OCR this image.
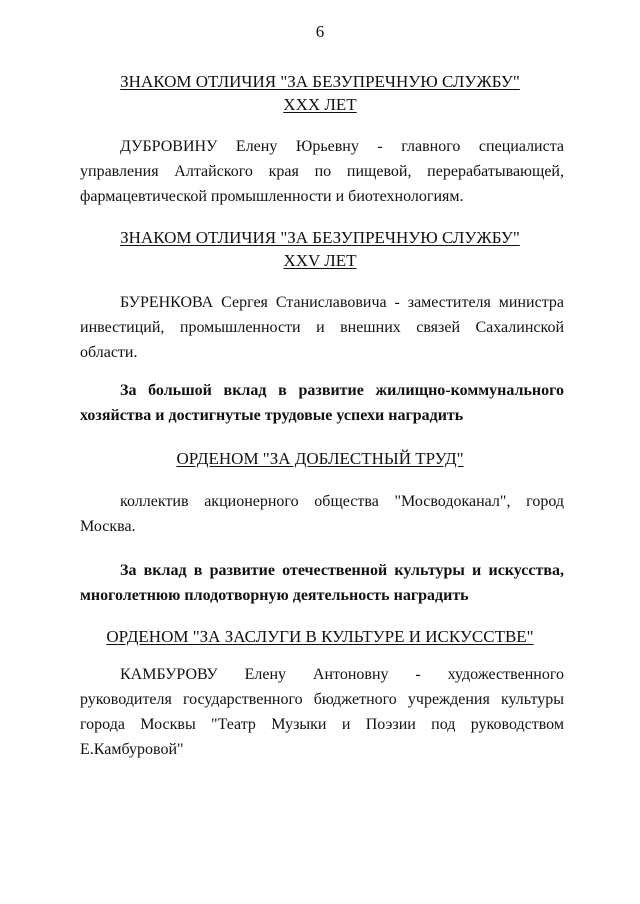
6
ЗНАКОМ ОТЛИЧИЯ "ЗА БЕЗУПРЕЧНУЮ СЛУЖБУ"
XXX ЛЕТ
ДУБРОВИНУ Елену Юрьевну - главного специалиста управления Алтайского края по пищевой, перерабатывающей, фармацевтической промышленности и биотехнологиям.
ЗНАКОМ ОТЛИЧИЯ "ЗА БЕЗУПРЕЧНУЮ СЛУЖБУ"
XXV ЛЕТ
БУРЕНКОВА Сергея Станиславовича - заместителя министра инвестиций, промышленности и внешних связей Сахалинской области.
За большой вклад в развитие жилищно-коммунального хозяйства и достигнутые трудовые успехи наградить
ОРДЕНОМ "ЗА ДОБЛЕСТНЫЙ ТРУД"
коллектив акционерного общества "Мосводоканал", город Москва.
За вклад в развитие отечественной культуры и искусства, многолетнюю плодотворную деятельность наградить
ОРДЕНОМ "ЗА ЗАСЛУГИ В КУЛЬТУРЕ И ИСКУССТВЕ"
КАМБУРОВУ Елену Антоновну - художественного руководителя государственного бюджетного учреждения культуры города Москвы "Театр Музыки и Поэзии под руководством Е.Камбуровой"
